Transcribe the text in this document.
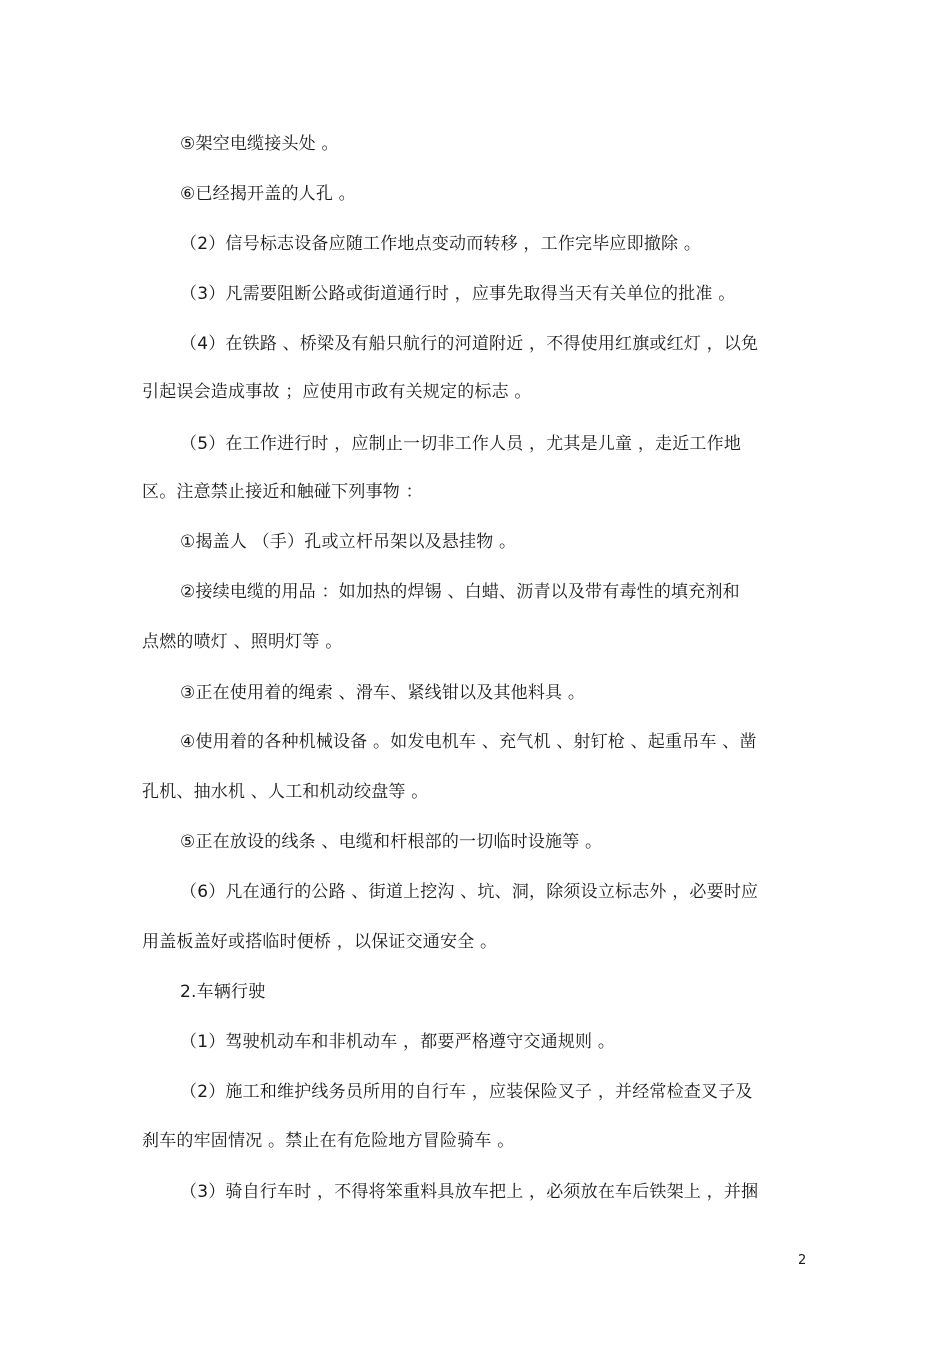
⑤架空电缆接头处 。
⑥已经揭开盖的人孔 。
（2）信号标志设备应随工作地点变动而转移 ，工作完毕应即撤除 。
（3）凡需要阻断公路或街道通行时 ，应事先取得当天有关单位的批准 。
（4）在铁路 、桥梁及有船只航行的河道附近 ，不得使用红旗或红灯 ，以免
引起误会造成事故 ；应使用市政有关规定的标志 。
（5）在工作进行时 ，应制止一切非工作人员 ，尤其是儿童 ，走近工作地
区。注意禁止接近和触碰下列事物 ：
①揭盖人 （手）孔或立杆吊架以及悬挂物 。
②接续电缆的用品 ：如加热的焊锡 、白蜡、沥青以及带有毒性的填充剂和
点燃的喷灯 、照明灯等 。
③正在使用着的绳索 、滑车、紧线钳以及其他料具 。
④使用着的各种机械设备 。如发电机车 、充气机 、射钉枪 、起重吊车 、凿
孔机、抽水机 、人工和机动绞盘等 。
⑤正在放设的线条 、电缆和杆根部的一切临时设施等 。
（6）凡在通行的公路 、街道上挖沟 、坑、洞，除须设立标志外 ，必要时应
用盖板盖好或搭临时便桥 ，以保证交通安全 。
2.车辆行驶
（1）驾驶机动车和非机动车 ，都要严格遵守交通规则 。
（2）施工和维护线务员所用的自行车 ，应装保险叉子 ，并经常检查叉子及
刹车的牢固情况 。禁止在有危险地方冒险骑车 。
（3）骑自行车时 ，不得将笨重料具放车把上 ，必须放在车后铁架上 ，并捆
2
